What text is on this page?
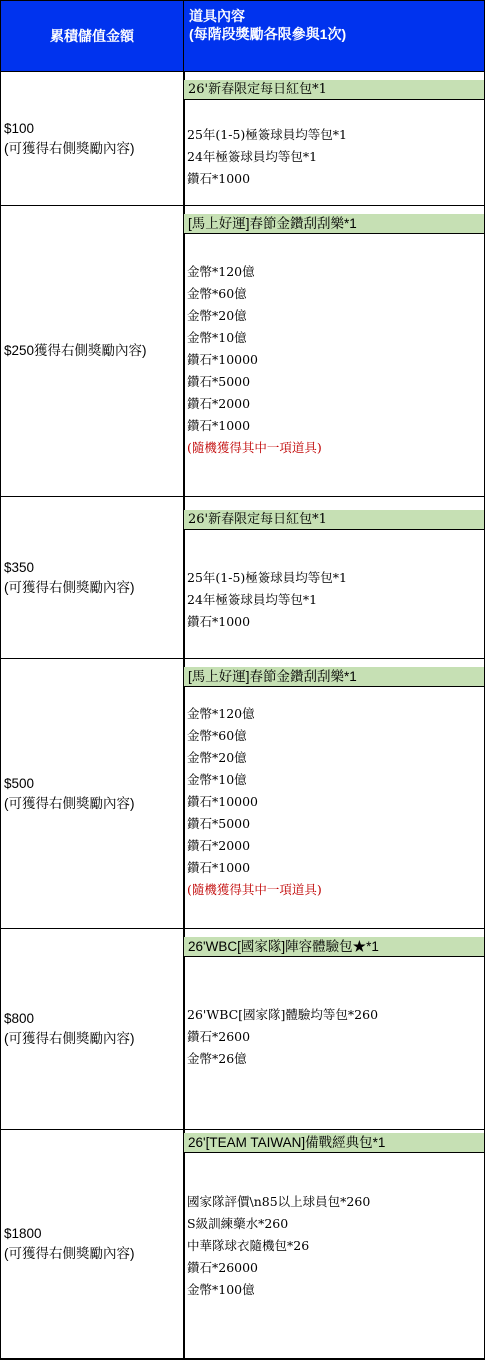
累積儲值金額
道具內容
(每階段獎勵各限參與1次)
$100
(可獲得右側獎勵內容)
26'新春限定每日紅包*1
25年(1-5)極簽球員均等包*1
24年極簽球員均等包*1
鑽石*1000
$250獲得右側獎勵內容)
[馬上好運]春節金鑽刮刮樂*1
金幣*120億
金幣*60億
金幣*20億
金幣*10億
鑽石*10000
鑽石*5000
鑽石*2000
鑽石*1000
(隨機獲得其中一項道具)
$350
(可獲得右側獎勵內容)
26'新春限定每日紅包*1
25年(1-5)極簽球員均等包*1
24年極簽球員均等包*1
鑽石*1000
$500
(可獲得右側獎勵內容)
[馬上好運]春節金鑽刮刮樂*1
金幣*120億
金幣*60億
金幣*20億
金幣*10億
鑽石*10000
鑽石*5000
鑽石*2000
鑽石*1000
(隨機獲得其中一項道具)
$800
(可獲得右側獎勵內容)
26'WBC[國家隊]陣容體驗包★*1
26'WBC[國家隊]體驗均等包*260
鑽石*2600
金幣*26億
$1800
(可獲得右側獎勵內容)
26'[TEAM TAIWAN]備戰經典包*1
國家隊評價\n85以上球員包*260
S級訓練藥水*260
中華隊球衣隨機包*26
鑽石*26000
金幣*100億
